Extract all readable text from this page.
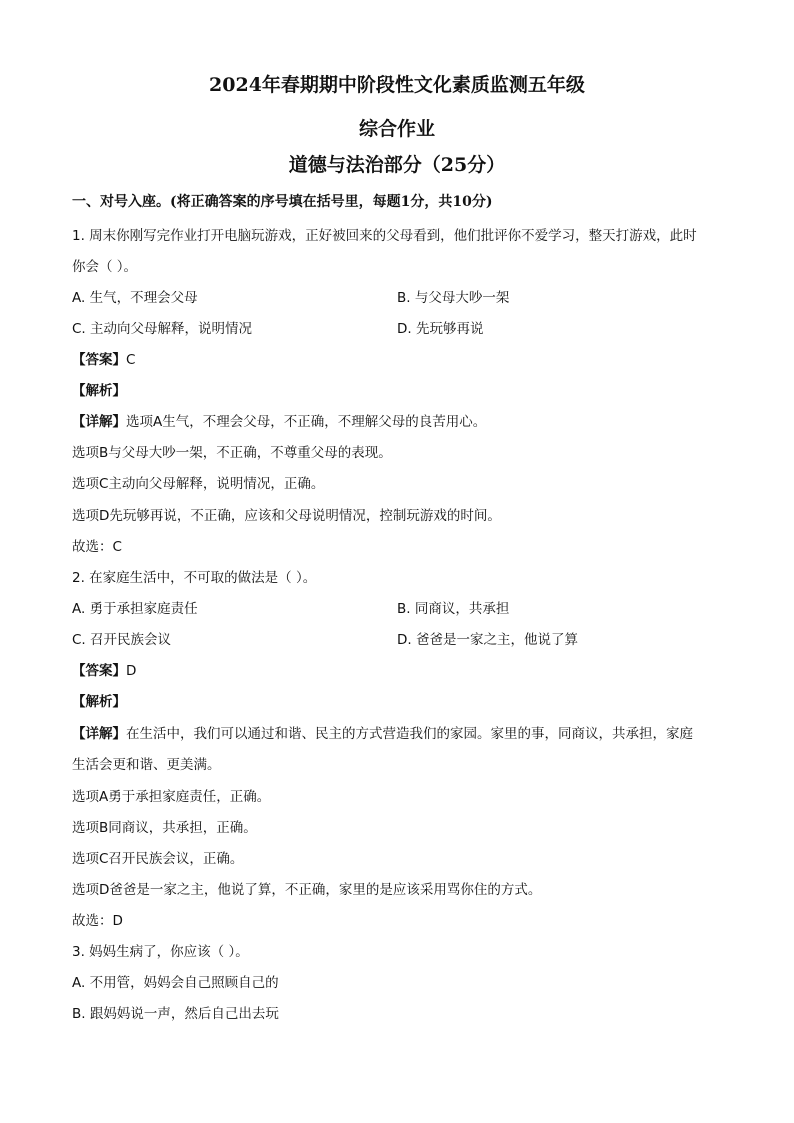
2024年春期期中阶段性文化素质监测五年级
综合作业
道德与法治部分（25分）

一、对号入座。(将正确答案的序号填在括号里，每题1分，共10分)

1. 周末你刚写完作业打开电脑玩游戏，正好被回来的父母看到，他们批评你不爱学习，整天打游戏，此时

你会（ ）。

A. 生气，不理会父母	B. 与父母大吵一架

C. 主动向父母解释，说明情况	D. 先玩够再说

【答案】C

【解析】

【详解】选项A生气，不理会父母，不正确，不理解父母的良苦用心。

选项B与父母大吵一架，不正确，不尊重父母的表现。

选项C主动向父母解释，说明情况，正确。

选项D先玩够再说，不正确，应该和父母说明情况，控制玩游戏的时间。

故选：C

2. 在家庭生活中，不可取的做法是（ ）。

A. 勇于承担家庭责任	B. 同商议，共承担

C. 召开民族会议	D. 爸爸是一家之主，他说了算

【答案】D

【解析】

【详解】在生活中，我们可以通过和谐、民主的方式营造我们的家园。家里的事，同商议，共承担，家庭

生活会更和谐、更美满。

选项A勇于承担家庭责任，正确。

选项B同商议，共承担，正确。

选项C召开民族会议，正确。

选项D爸爸是一家之主，他说了算，不正确，家里的是应该采用骂你住的方式。

故选：D

3. 妈妈生病了，你应该（ ）。

A. 不用管，妈妈会自己照顾自己的

B. 跟妈妈说一声，然后自己出去玩
